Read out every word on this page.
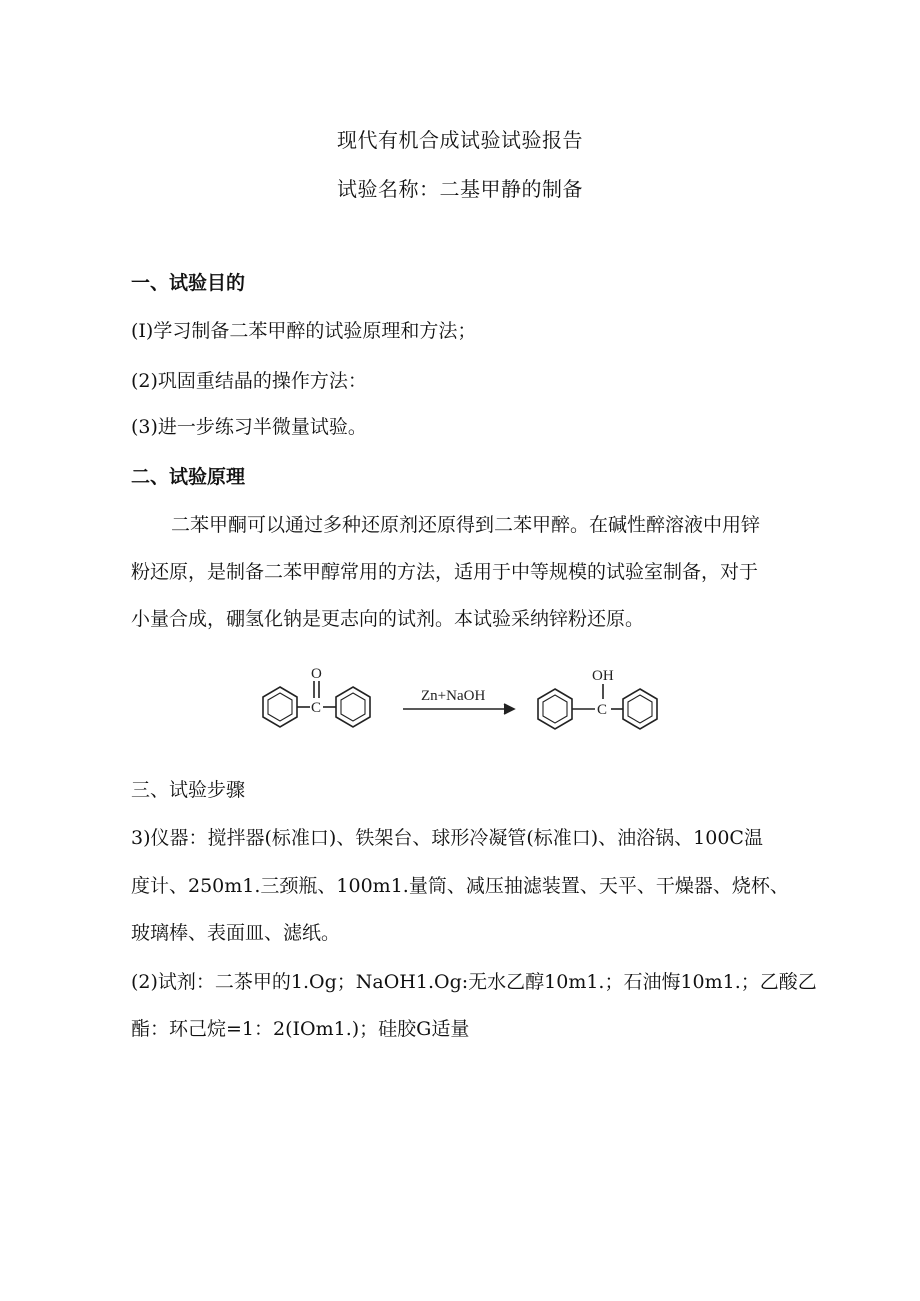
现代有机合成试验试验报告
试验名称：二基甲静的制备
一、试验目的
(I)学习制备二苯甲醉的试验原理和方法；
(2)巩固重结晶的操作方法：
(3)进一步练习半微量试验。
二、试验原理
二苯甲酮可以通过多种还原剂还原得到二苯甲醉。在碱性醉溶液中用锌
粉还原，是制备二苯甲醇常用的方法，适用于中等规模的试验室制备，对于
小量合成，硼氢化钠是更志向的试剂。本试验采纳锌粉还原。
O
C
Zn+NaOH
OH
C
三、试验步骤
3)仪器：搅拌器(标准口)、铁架台、球形冷凝管(标准口)、油浴锅、100C温
度计、250m1.三颈瓶、100m1.量筒、减压抽滤装置、天平、干燥器、烧杯、
玻璃棒、表面皿、滤纸。
(2)试剂：二茶甲的1.Og；NaOH1.Og:无水乙醇10m1.；石油悔10m1.；乙酸乙
酯：环己烷=1：2(IOm1.)；硅胶G适量
